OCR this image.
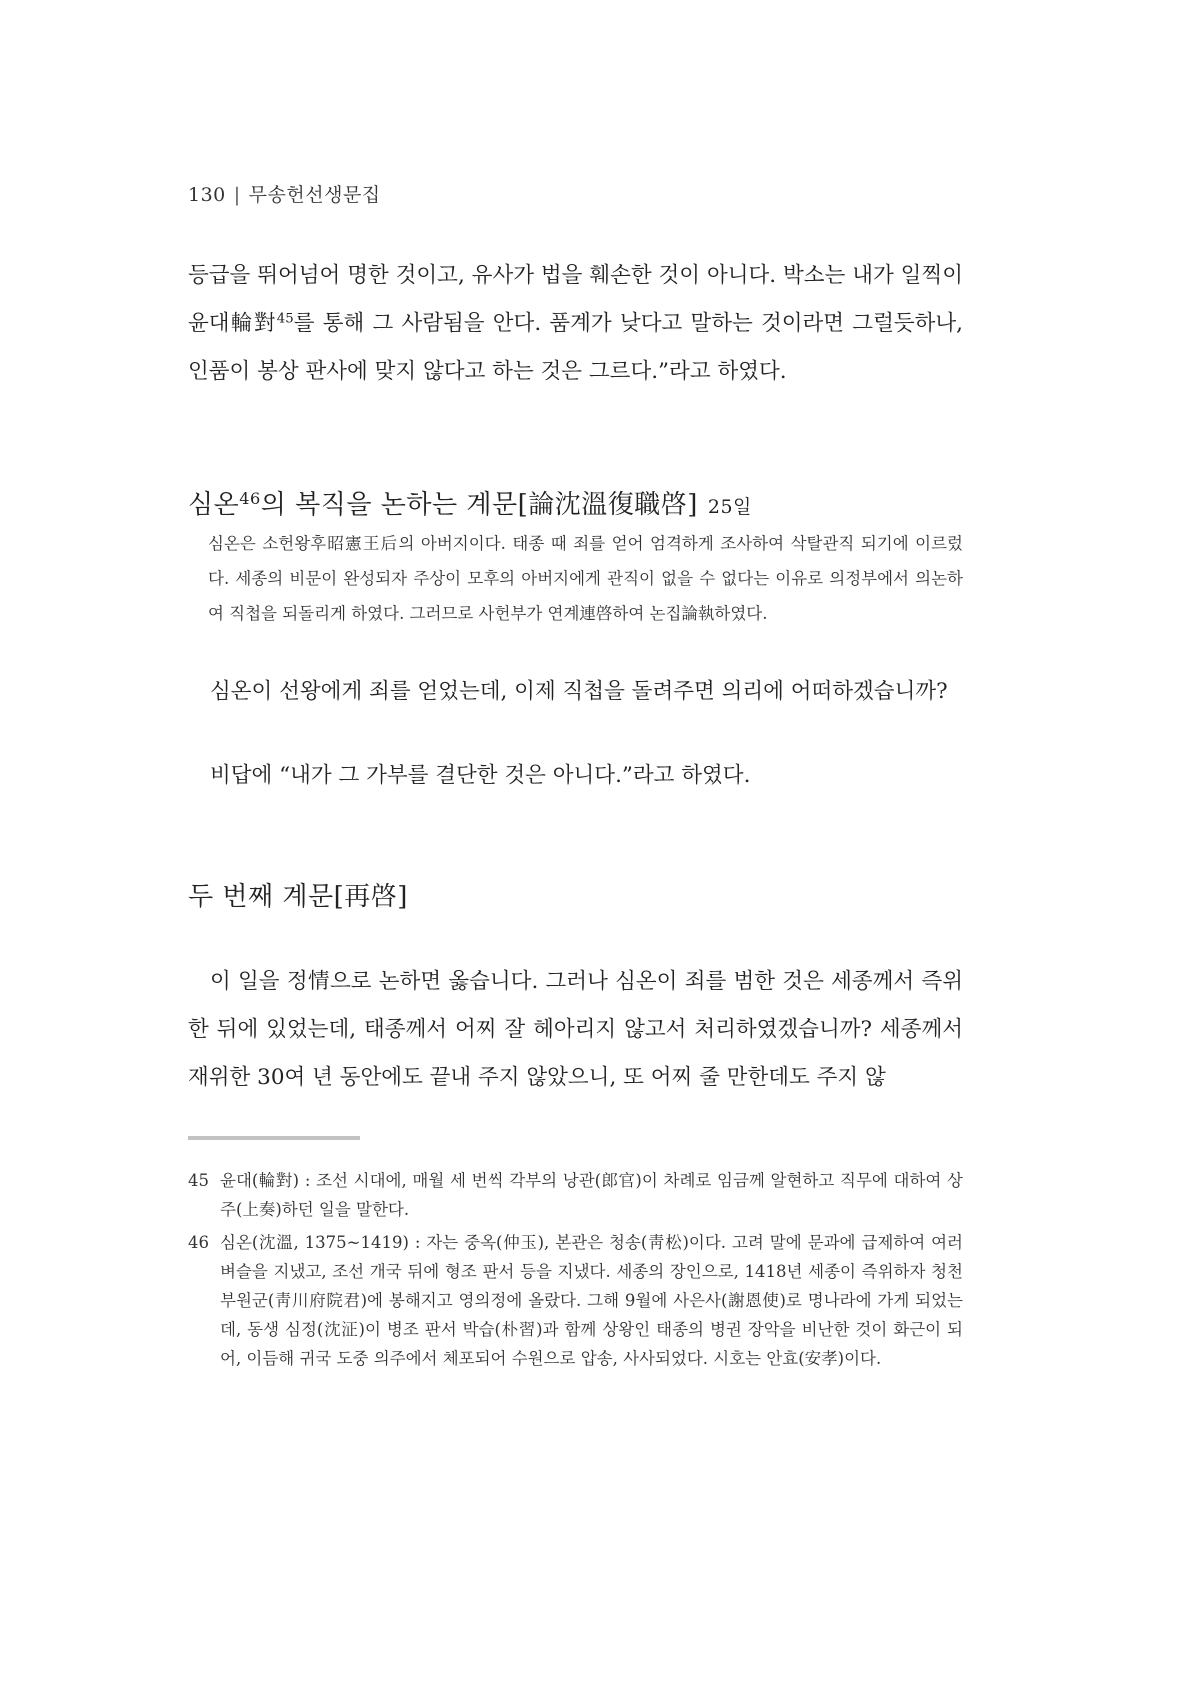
130 | 무송헌선생문집

등급을 뛰어넘어 명한 것이고, 유사가 법을 훼손한 것이 아니다. 박소는 내가 일찍이 윤대輪對$^{45}$를 통해 그 사람됨을 안다. 품계가 낮다고 말하는 것이라면 그럴듯하나, 인품이 봉상 판사에 맞지 않다고 하는 것은 그르다.”라고 하였다.

심온$^{46}$의 복직을 논하는 계문[論沈溫復職啓] 25일

심온은 소헌왕후昭憲王后의 아버지이다. 태종 때 죄를 얻어 엄격하게 조사하여 삭탈관직 되기에 이르렀다. 세종의 비문이 완성되자 주상이 모후의 아버지에게 관직이 없을 수 없다는 이유로 의정부에서 의논하여 직첩을 되돌리게 하였다. 그러므로 사헌부가 연계連啓하여 논집論執하였다.

심온이 선왕에게 죄를 얻었는데, 이제 직첩을 돌려주면 의리에 어떠하겠습니까?

비답에 “내가 그 가부를 결단한 것은 아니다.”라고 하였다.

두 번째 계문[再啓]

이 일을 정情으로 논하면 옳습니다. 그러나 심온이 죄를 범한 것은 세종께서 즉위한 뒤에 있었는데, 태종께서 어찌 잘 헤아리지 않고서 처리하였겠습니까? 세종께서 재위한 30여 년 동안에도 끝내 주지 않았으니, 또 어찌 줄 만한데도 주지 않

45 윤대(輪對) : 조선 시대에, 매월 세 번씩 각부의 낭관(郎官)이 차례로 임금께 알현하고 직무에 대하여 상주(上奏)하던 일을 말한다.

46 심온(沈溫, 1375~1419) : 자는 중옥(仲玉), 본관은 청송(靑松)이다. 고려 말에 문과에 급제하여 여러 벼슬을 지냈고, 조선 개국 뒤에 형조 판서 등을 지냈다. 세종의 장인으로, 1418년 세종이 즉위하자 청천부원군(靑川府院君)에 봉해지고 영의정에 올랐다. 그해 9월에 사은사(謝恩使)로 명나라에 가게 되었는데, 동생 심정(沈泟)이 병조 판서 박습(朴習)과 함께 상왕인 태종의 병권 장악을 비난한 것이 화근이 되어, 이듬해 귀국 도중 의주에서 체포되어 수원으로 압송, 사사되었다. 시호는 안효(安孝)이다.
